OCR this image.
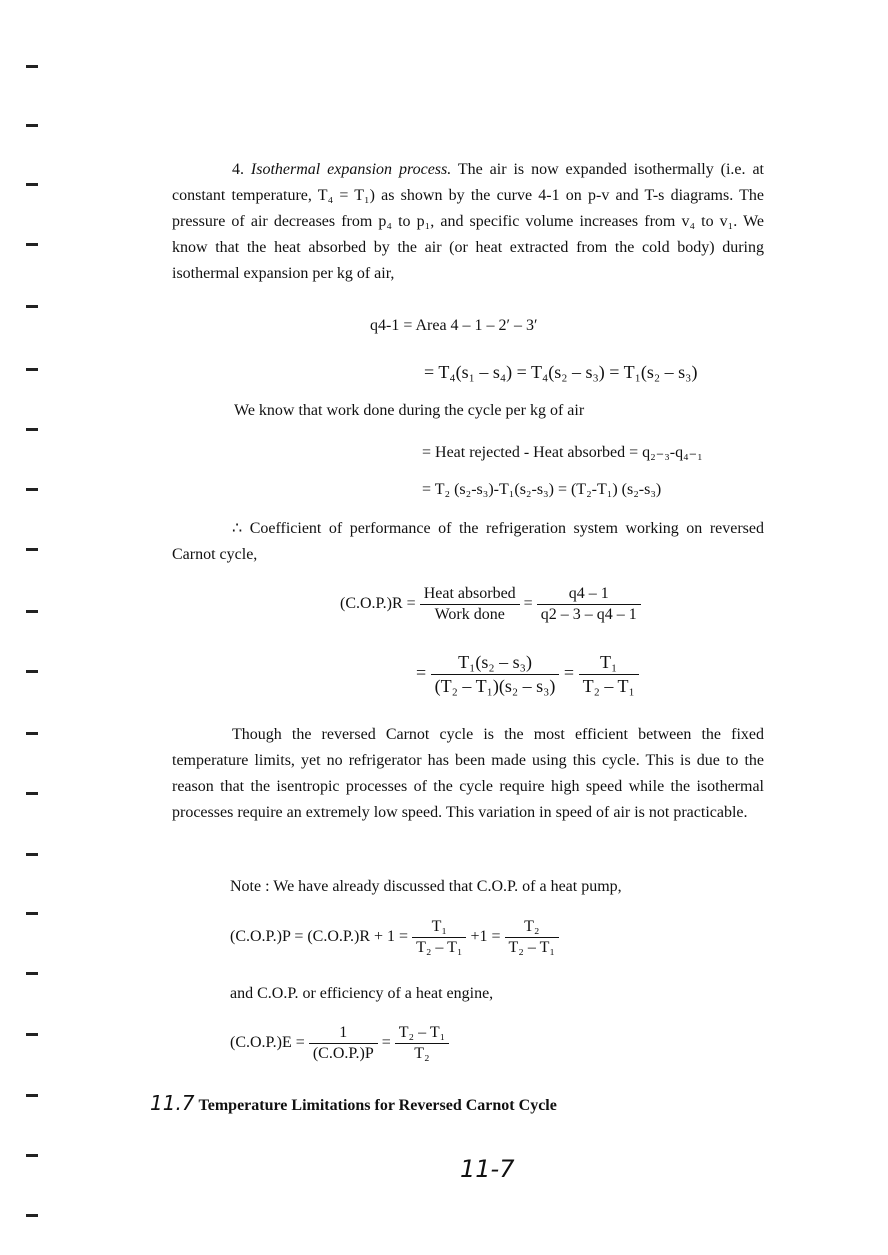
4. Isothermal expansion process. The air is now expanded isothermally (i.e. at constant temperature, T₄ = T₁) as shown by the curve 4-1 on p-v and T-s diagrams. The pressure of air decreases from p₄ to p₁, and specific volume increases from v₄ to v₁. We know that the heat absorbed by the air (or heat extracted from the cold body) during isothermal expansion per kg of air,
q4-1 = Area 4 – 1 – 2′ – 3′
= T₄(s₁ – s₄) = T₄(s₂ – s₃) = T₁(s₂ – s₃)
We know that work done during the cycle per kg of air
= Heat rejected - Heat absorbed = q₂₋₃-q₄₋₁
= T₂ (s₂-s₃)-T₁(s₂-s₃) = (T₂-T₁) (s₂-s₃)
∴ Coefficient of performance of the refrigeration system working on reversed Carnot cycle,
$(C.O.P.)R = \frac{\text{Heat absorbed}}{\text{Work done}} = \frac{q4 - 1}{q2 - 3 - q4 - 1}$
= $\frac{\text{T₁(s₂ – s₃)}}{\text{(T₂ – T₁)(s₂ – s₃)}} = \frac{\text{T₁}}{\text{T₂ – T₁}}$
Though the reversed Carnot cycle is the most efficient between the fixed temperature limits, yet no refrigerator has been made using this cycle. This is due to the reason that the isentropic processes of the cycle require high speed while the isothermal processes require an extremely low speed. This variation in speed of air is not practicable.
Note : We have already discussed that C.O.P. of a heat pump,
$(C.O.P.)P = (C.O.P.)R + 1 = \frac{\text{T₁}}{\text{T₂ – T₁}} +1 = \frac{\text{T₂}}{\text{T₂ – T₁}}$
and C.O.P. or efficiency of a heat engine,
$(C.O.P.)E = \frac{1}{(C.O.P.)P} = \frac{\text{T₂ – T₁}}{\text{T₂}}$
11.7 Temperature Limitations for Reversed Carnot Cycle
11-7
